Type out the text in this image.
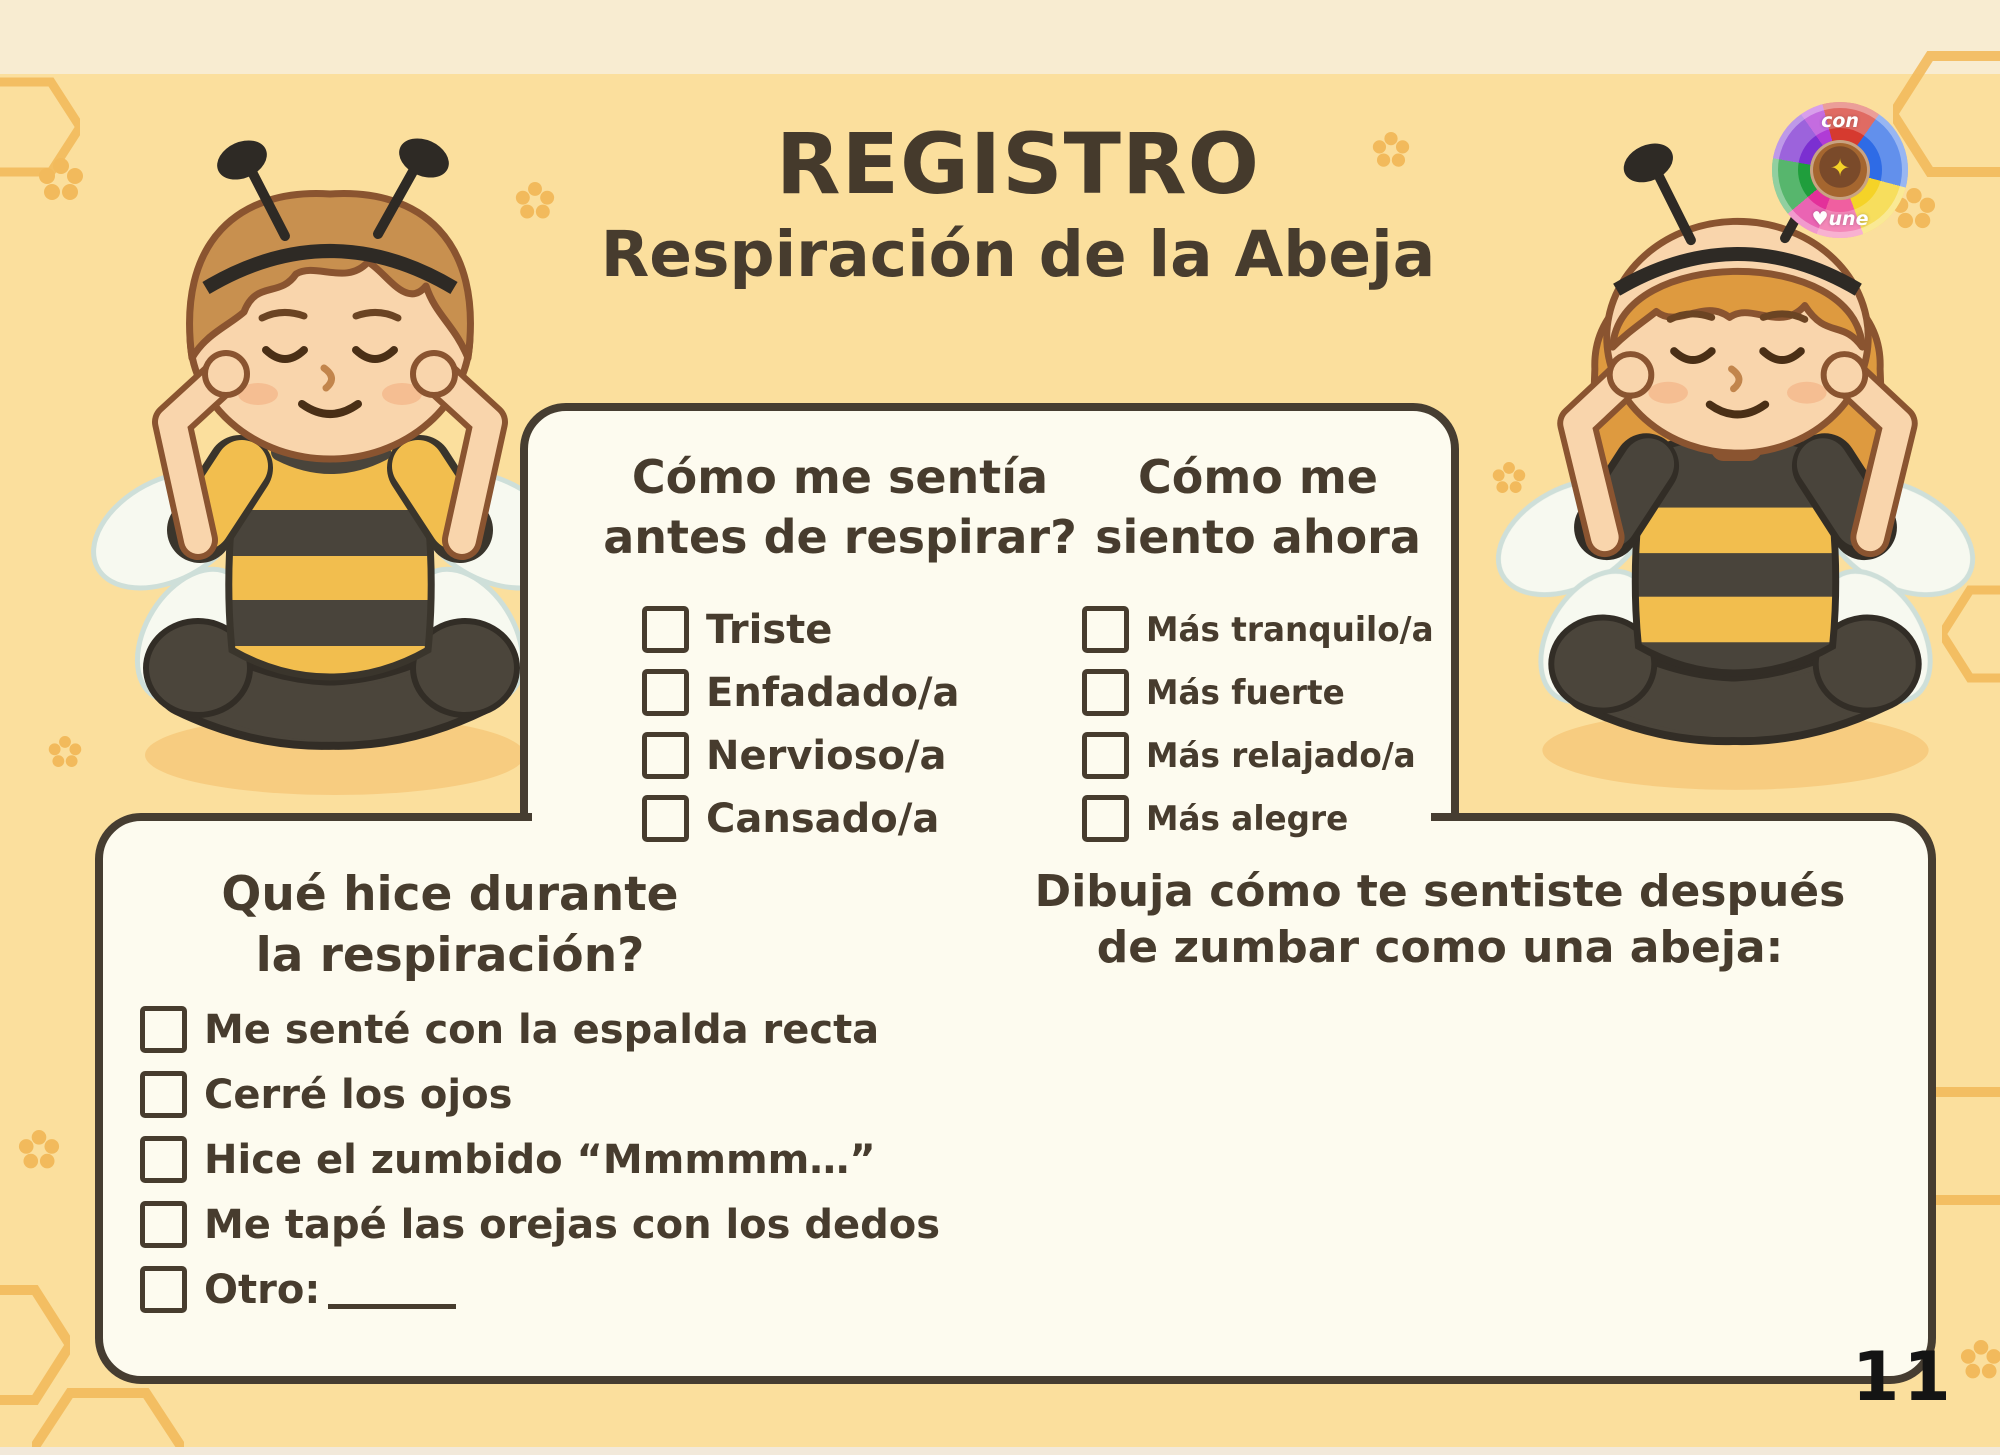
REGISTRO
Respiración de la Abeja
con
✦
♥une
Cómo me sentía
antes de respirar?
Triste
Enfadado/a
Nervioso/a
Cansado/a
Cómo me
siento ahora
Más tranquilo/a
Más fuerte
Más relajado/a
Más alegre
Qué hice durante
la respiración?
Me senté con la espalda recta
Cerré los ojos
Hice el zumbido “Mmmmm…”
Me tapé las orejas con los dedos
Otro:
Dibuja cómo te sentiste después
de zumbar como una abeja:
11
